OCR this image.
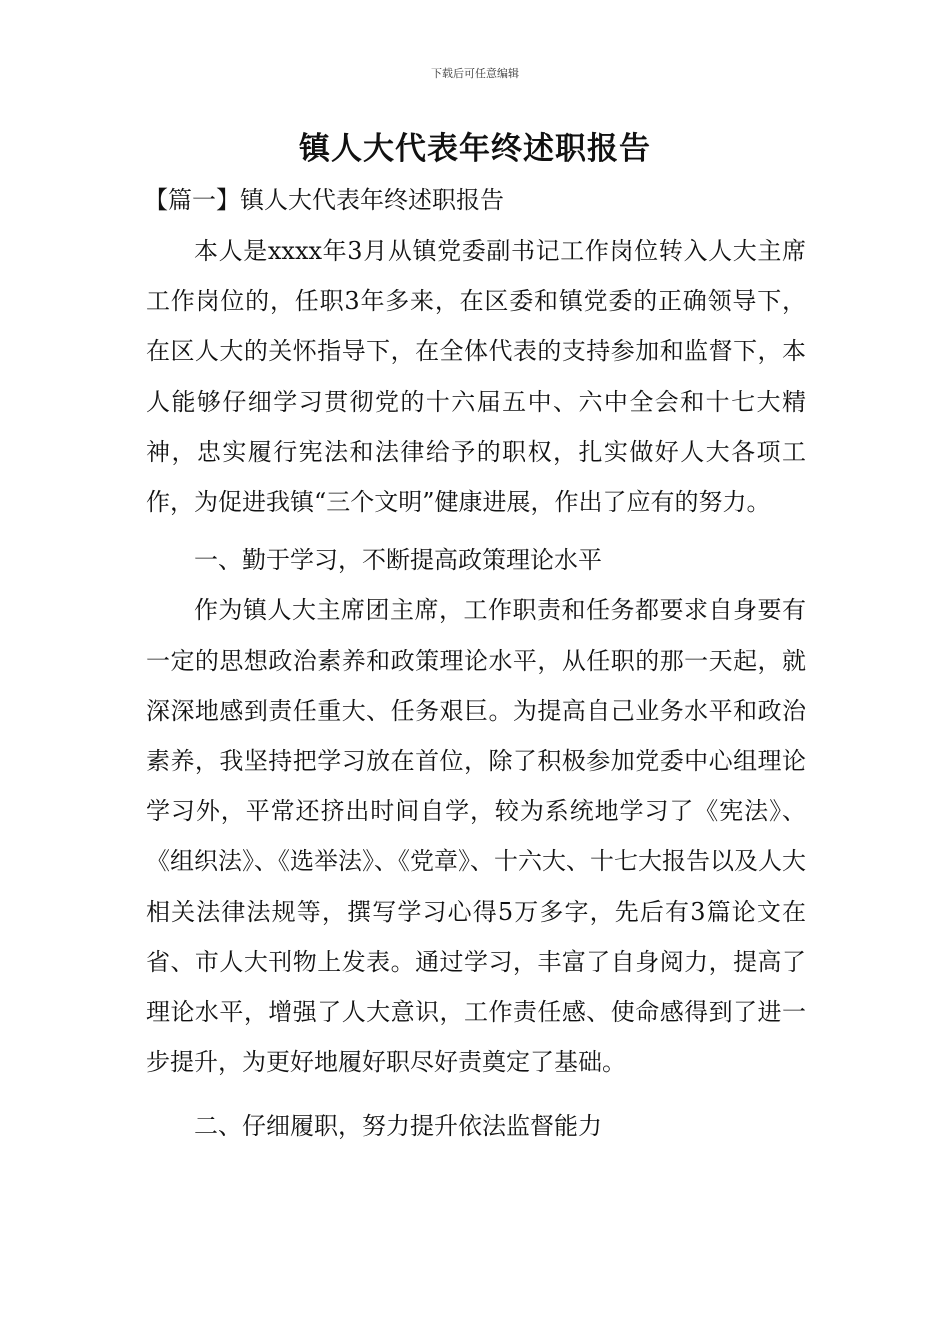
下载后可任意编辑
镇人大代表年终述职报告
【篇一】镇人大代表年终述职报告

本人是xxxx年3月从镇党委副书记工作岗位转入人大主席工作岗位的，任职3年多来，在区委和镇党委的正确领导下，在区人大的关怀指导下，在全体代表的支持参加和监督下，本人能够仔细学习贯彻党的十六届五中、六中全会和十七大精神，忠实履行宪法和法律给予的职权，扎实做好人大各项工作，为促进我镇“三个文明”健康进展，作出了应有的努力。

一、勤于学习，不断提高政策理论水平

作为镇人大主席团主席，工作职责和任务都要求自身要有一定的思想政治素养和政策理论水平，从任职的那一天起，就深深地感到责任重大、任务艰巨。为提高自己业务水平和政治素养，我坚持把学习放在首位，除了积极参加党委中心组理论学习外，平常还挤出时间自学，较为系统地学习了《宪法》、《组织法》、《选举法》、《党章》、十六大、十七大报告以及人大相关法律法规等，撰写学习心得5万多字，先后有3篇论文在省、市人大刊物上发表。通过学习，丰富了自身阅力，提高了理论水平，增强了人大意识，工作责任感、使命感得到了进一步提升，为更好地履好职尽好责奠定了基础。

二、仔细履职，努力提升依法监督能力
